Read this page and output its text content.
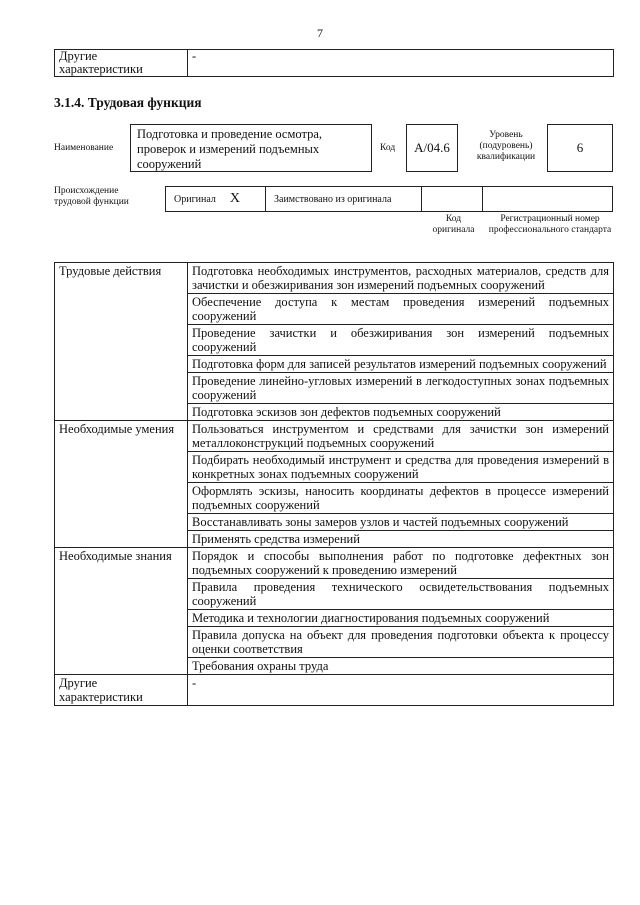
7
Другие характеристики	-
3.1.4. Трудовая функция
Наименование
Подготовка и проведение осмотра, проверок и измерений подъемных сооружений
Код	A/04.6
Уровень (подуровень) квалификации
6
Происхождение трудовой функции	Оригинал X	Заимствовано из оригинала
Код оригинала
Регистрационный номер профессионального стандарта
Трудовые действия	Подготовка необходимых инструментов, расходных материалов, средств для зачистки и обезжиривания зон измерений подъемных сооружений
	Обеспечение доступа к местам проведения измерений подъемных сооружений
	Проведение зачистки и обезжиривания зон измерений подъемных сооружений
	Подготовка форм для записей результатов измерений подъемных сооружений
	Проведение линейно-угловых измерений в легкодоступных зонах подъемных сооружений
	Подготовка эскизов зон дефектов подъемных сооружений
Необходимые умения	Пользоваться инструментом и средствами для зачистки зон измерений металлоконструкций подъемных сооружений
	Подбирать необходимый инструмент и средства для проведения измерений в конкретных зонах подъемных сооружений
	Оформлять эскизы, наносить координаты дефектов в процессе измерений подъемных сооружений
	Восстанавливать зоны замеров узлов и частей подъемных сооружений
	Применять средства измерений
Необходимые знания	Порядок и способы выполнения работ по подготовке дефектных зон подъемных сооружений к проведению измерений
	Правила проведения технического освидетельствования подъемных сооружений
	Методика и технологии диагностирования подъемных сооружений
	Правила допуска на объект для проведения подготовки объекта к процессу оценки соответствия
	Требования охраны труда
Другие характеристики	-
